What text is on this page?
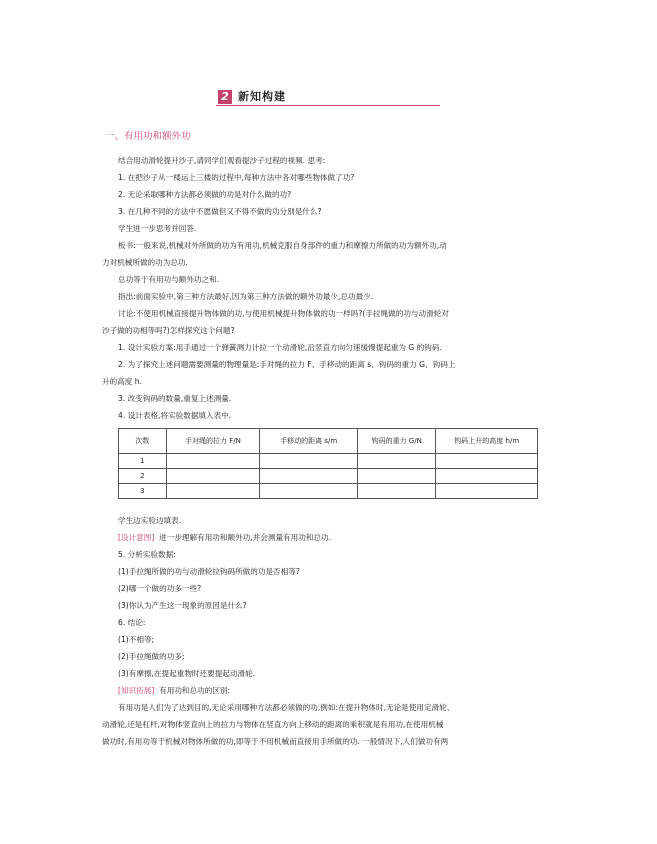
2 新知构建
一、有用功和额外功
结合用动滑轮提升沙子,请同学们观看提沙子过程的视频. 思考:
1. 在把沙子从一楼运上三楼的过程中,每种方法中各对哪些物体做了功?
2. 无论采取哪种方法都必须做的功是对什么做的功?
3. 在几种不同的方法中不愿做但又不得不做的功分别是什么?
学生进一步思考并回答.
板书:一般来说,机械对外所做的功为有用功,机械克服自身部件的重力和摩擦力所做的功为额外功,动
力对机械所做的功为总功.
总功等于有用功与额外功之和.
指出:前面实验中,第三种方法最好,因为第三种方法做的额外功最少,总功最少.
讨论:不使用机械直接提升物体做的功,与使用机械提升物体做的功一样吗?(手拉绳做的功与动滑轮对
沙子做的功相等吗?)怎样探究这个问题?
1. 设计实验方案:用手通过一个弹簧测力计拉一个动滑轮,沿竖直方向匀速缓慢提起重为 G 的钩码.
2. 为了探究上述问题需要测量的物理量是:手对绳的拉力 F、手移动的距离 s、钩码的重力 G、钩码上
升的高度 h.
3. 改变钩码的数量,重复上述测量.
4. 设计表格,将实验数据填入表中.
次数	手对绳的拉力 F/N	手移动的距离 s/m	钩码的重力 G/N	钩码上升的高度 h/m
1				
2				
3				
学生边实验边填表.
[设计意图] 进一步理解有用功和额外功,并会测量有用功和总功.
5. 分析实验数据:
(1)手拉绳所做的功与动滑轮拉钩码所做的功是否相等?
(2)哪一个做的功多一些?
(3)你认为产生这一现象的原因是什么?
6. 结论:
(1)不相等;
(2)手拉绳做的功多;
(3)有摩擦,在提起重物时还要提起动滑轮.
[知识拓展] 有用功和总功的区别:
有用功是人们为了达到目的,无论采用哪种方法都必须做的功,例如:在提升物体时,无论是使用定滑轮、
动滑轮,还是杠杆,对物体竖直向上的拉力与物体在竖直方向上移动的距离的乘积就是有用功,在使用机械
做功时,有用功等于机械对物体所做的功,即等于不用机械而直接用手所做的功. 一般情况下,人们做功有两
